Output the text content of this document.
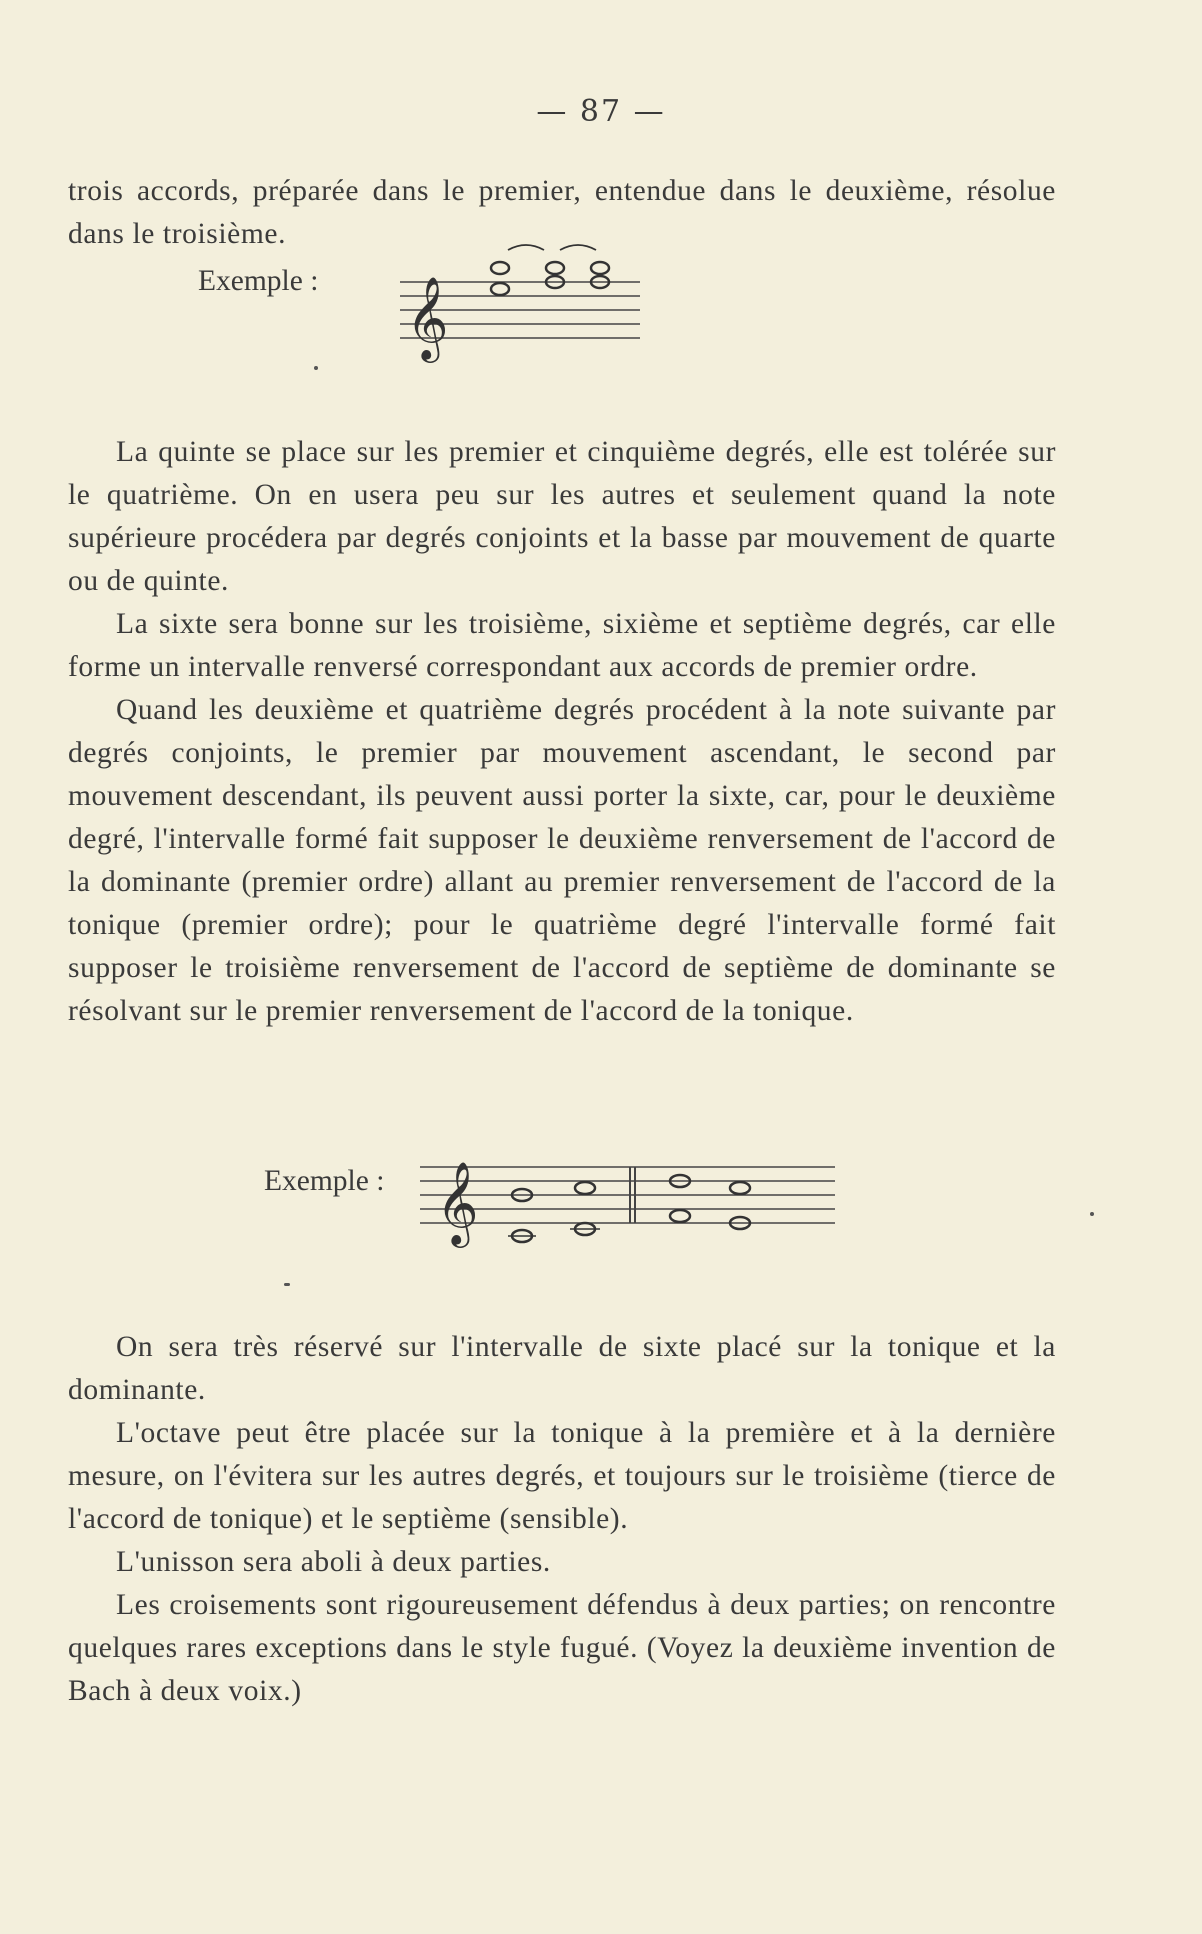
— 87 —

trois accords, préparée dans le premier, entendue dans le deuxième, résolue dans le troisième.

Exemple : 𝄞

La quinte se place sur les premier et cinquième degrés, elle est tolérée sur le quatrième. On en usera peu sur les autres et seulement quand la note supérieure procédera par degrés conjoints et la basse par mouvement de quarte ou de quinte.

La sixte sera bonne sur les troisième, sixième et septième degrés, car elle forme un intervalle renversé correspondant aux accords de premier ordre.

Quand les deuxième et quatrième degrés procédent à la note suivante par degrés conjoints, le premier par mouvement ascendant, le second par mouvement descendant, ils peuvent aussi porter la sixte, car, pour le deuxième degré, l'intervalle formé fait supposer le deuxième renversement de l'accord de la dominante (premier ordre) allant au premier renversement de l'accord de la tonique (premier ordre); pour le quatrième degré l'intervalle formé fait supposer le troisième renversement de l'accord de septième de dominante se résolvant sur le premier renversement de l'accord de la tonique.

Exemple : 𝄞

On sera très réservé sur l'intervalle de sixte placé sur la tonique et la dominante.

L'octave peut être placée sur la tonique à la première et à la dernière mesure, on l'évitera sur les autres degrés, et toujours sur le troisième (tierce de l'accord de tonique) et le septième (sensible).

L'unisson sera aboli à deux parties.

Les croisements sont rigoureusement défendus à deux parties; on rencontre quelques rares exceptions dans le style fugué. (Voyez la deuxième invention de Bach à deux voix.)
